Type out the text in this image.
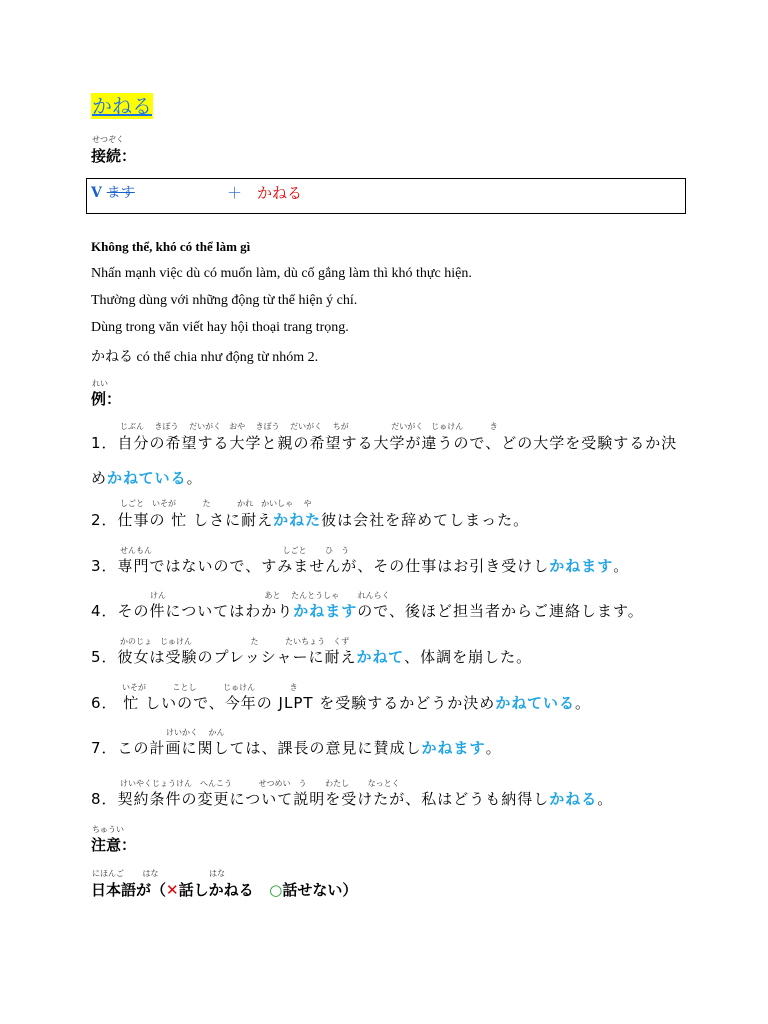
かねる
せつぞく
接続：
V ます	＋ かねる
Không thể, khó có thể làm gì
Nhấn mạnh việc dù có muốn làm, dù cố gắng làm thì khó thực hiện.
Thường dùng với những động từ thể hiện ý chí.
Dùng trong văn viết hay hội thoại trang trọng.
かねる có thể chia như động từ nhóm 2.
れい
例：
じぶん　 きぼう　 だいがく　おや　 きぼう　 だいがく　 ちが　　　　　 だいがく　じゅけん　　　 き
1．自分の希望する大学と親の希望する大学が違うので、どの大学を受験するか決
めかねている。
しごと　いそが　　　 た　　　 かれ　かいしゃ　 や
2．仕事の 忙 しさに耐えかねた彼は会社を辞めてしまった。
せんもん　　　　　　　　　　　　　　　　 しごと　　 ひ　う
3．専門ではないので、すみませんが、その仕事はお引き受けしかねます。
けん　　　　　　　　　　　　 あと　 たんとうしゃ　　 れんらく
4．その件についてはわかりかねますので、後ほど担当者からご連絡します。
かのじょ　じゅけん　　　　　　　 た　　　 たいちょう　くず
5．彼女は受験のプレッシャーに耐えかねて、体調を崩した。
いそが　　　 ことし　　　 じゅけん　　　　 き
6． 忙 しいので、今年の JLPT を受験するかどうか決めかねている。
けいかく　 かん
7．この計画に関しては、課長の意見に賛成しかねます。
けいやくじょうけん　へんこう　　　 せつめい　う　　 わたし　　 なっとく
8．契約条件の変更について説明を受けたが、私はどうも納得しかねる。
ちゅうい
注意：
にほんご　　 はな　　　　　　 はな
日本語が（✕話しかねる ○話せない）
